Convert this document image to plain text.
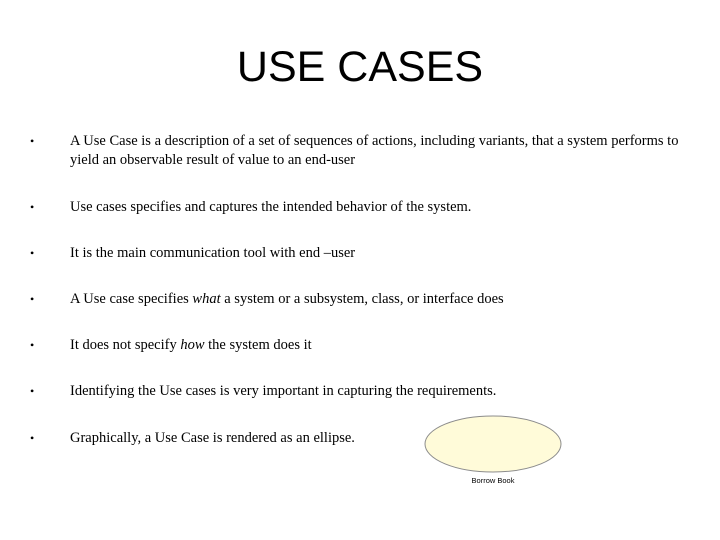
USE CASES
• A Use Case is a description of a set of sequences of actions, including variants, that a system performs to yield an observable result of value to an end-user
• Use cases specifies and captures the intended behavior of the system.
• It is the main communication tool with end –user
• A Use case specifies what a system or a subsystem, class, or interface does
• It does not specify how the system does it
• Identifying the Use cases is very important in capturing the requirements.
• Graphically, a Use Case is rendered as an ellipse.
Borrow Book
